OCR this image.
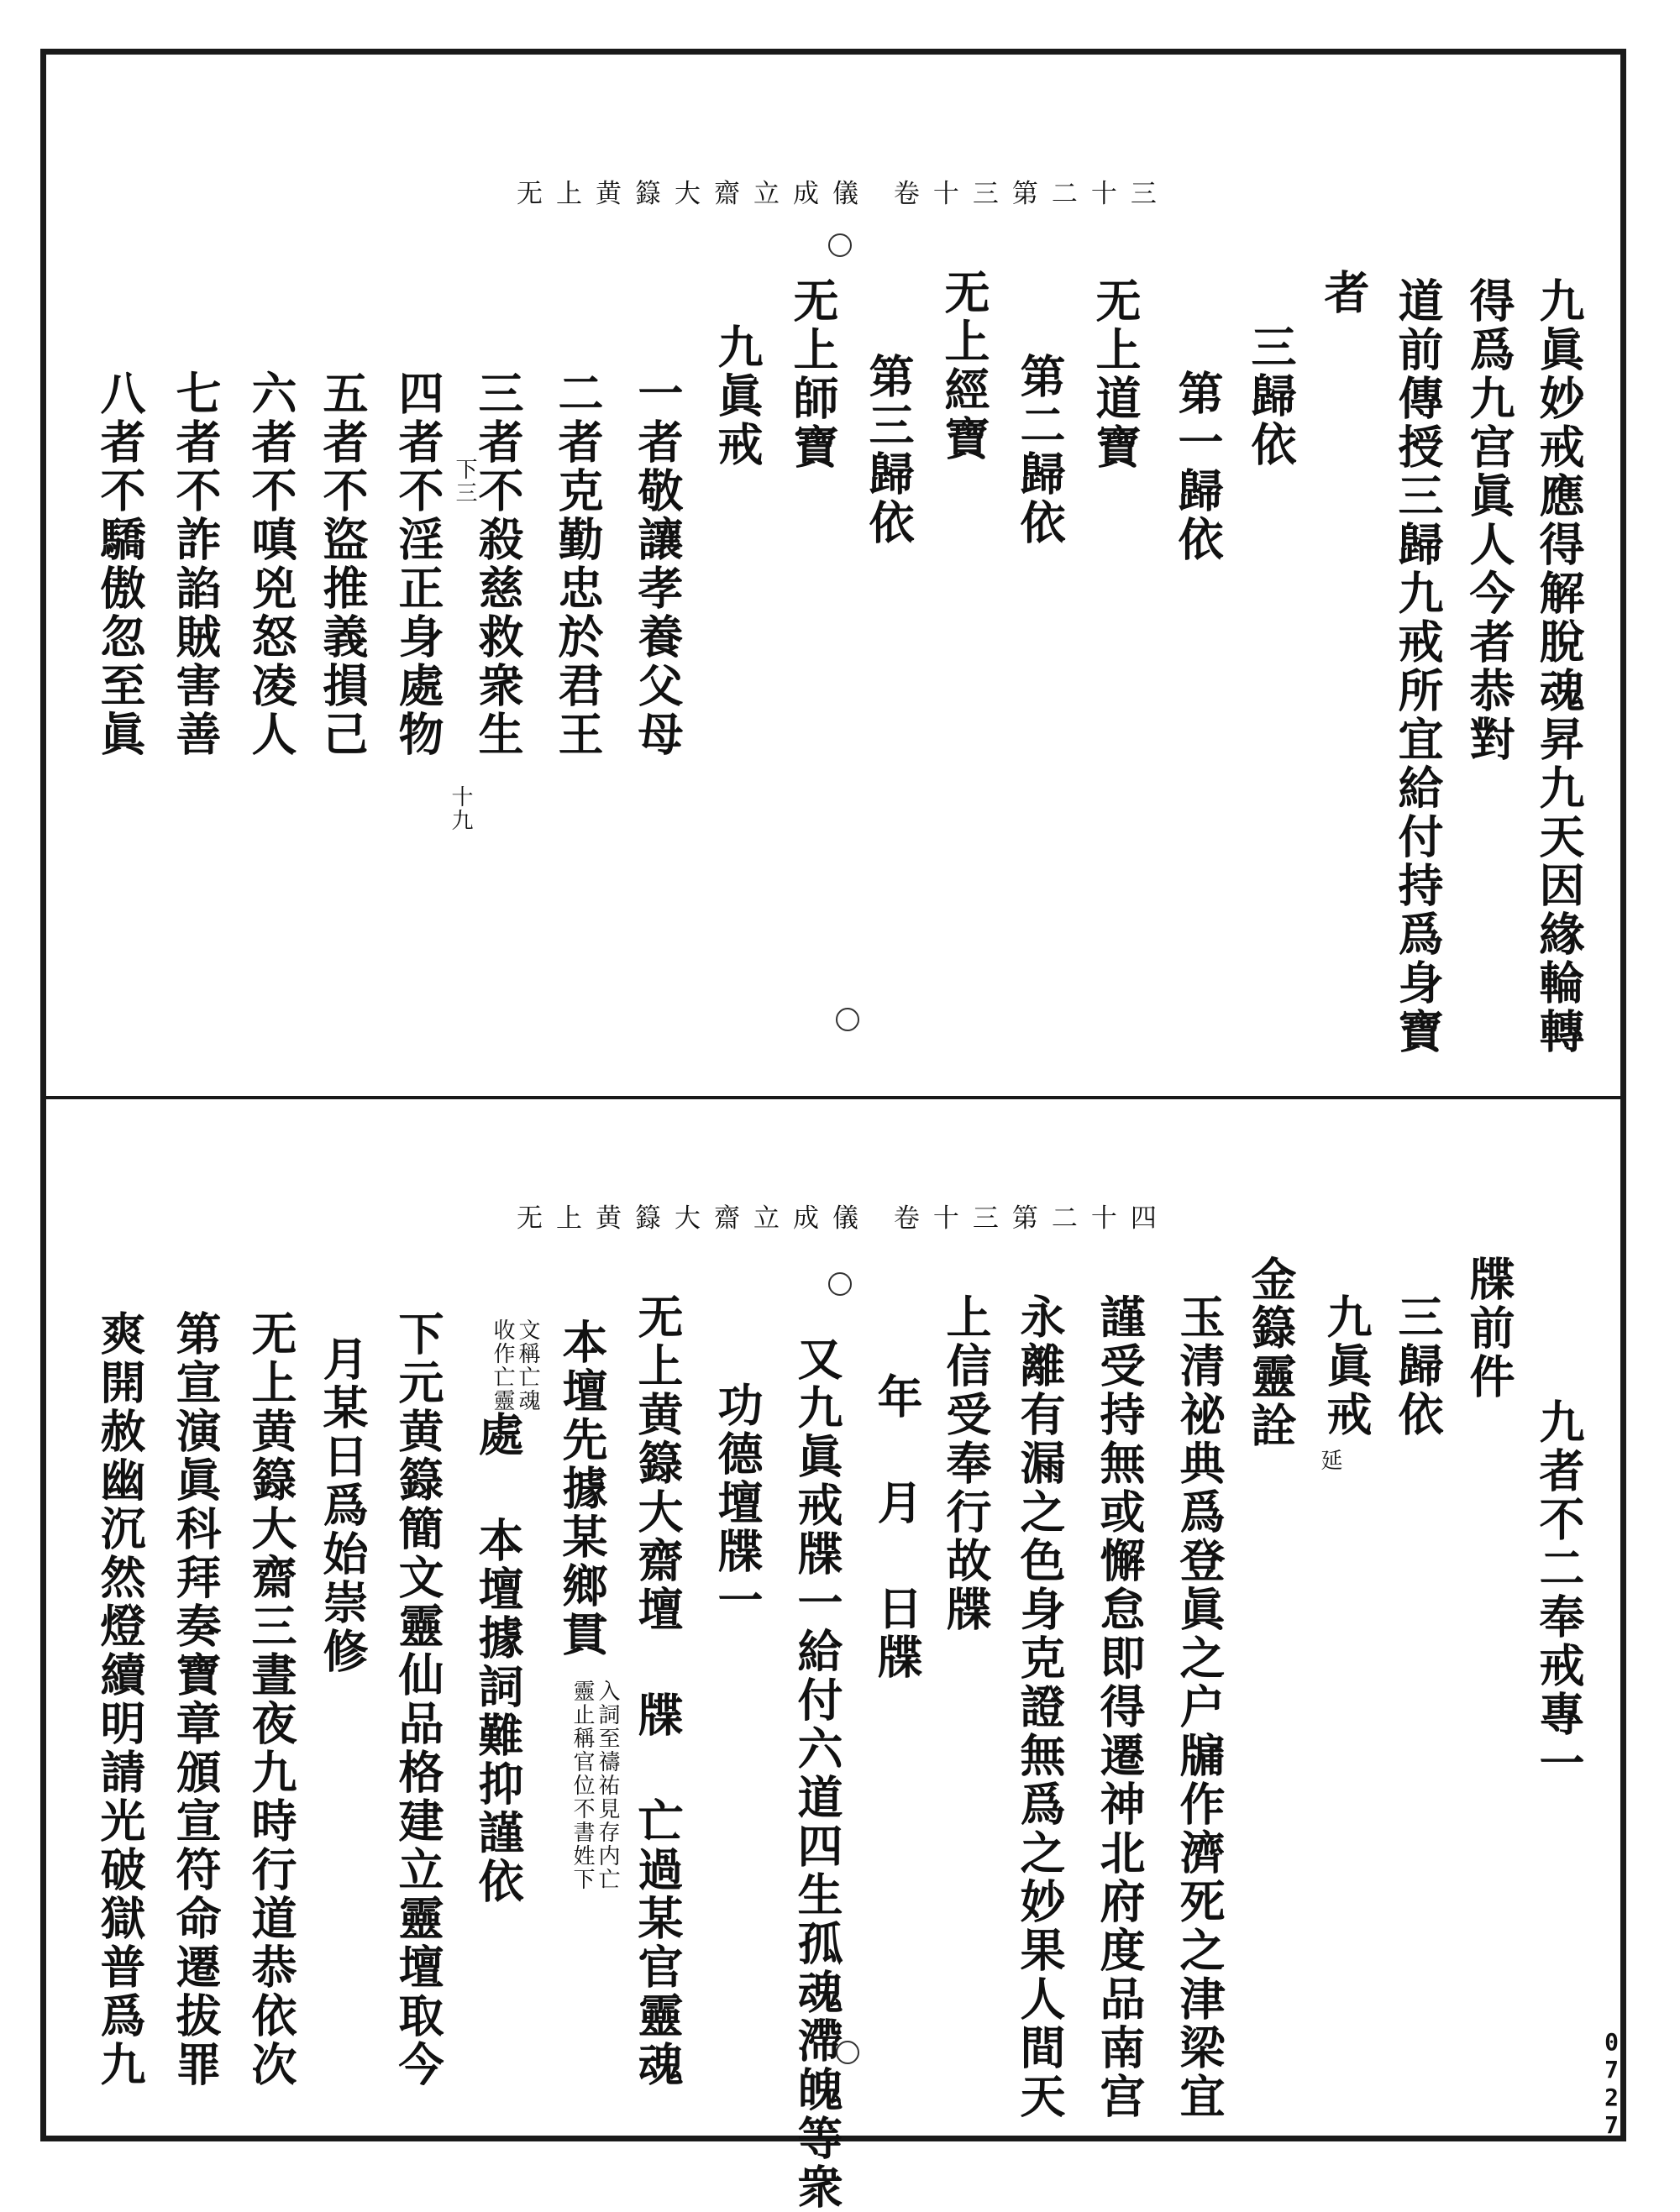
0727
无上黄籙大齋立成儀 卷十三第二十三
九眞妙戒應得解脫魂昇九天因緣輪轉
得爲九宫眞人今者恭對
道前傳授三歸九戒所宜給付持爲身寶
者
三歸依
第一歸依
无上道寶
第二歸依
无上經寶
第三歸依
无上師寶
九眞戒
一者敬讓孝養父母
二者克勤忠於君王
三者不殺慈救衆生
四者不淫正身處物 下三
十九
五者不盜推義損己
六者不嗔兇怒凌人
七者不詐諂賊害善
八者不驕傲忽至眞
无上黄籙大齋立成儀 卷十三第二十四
九者不二奉戒專一
牒前件
三歸依
九眞戒
延
金籙靈詮
玉清祕典爲登眞之户牖作濟死之津梁宜
謹受持無或懈怠即得遷神北府度品南宫
永離有漏之色身克證無爲之妙果人間天
上信受奉行故牒
年 月 日牒
又九眞戒牒一給付六道四生孤魂滯魄等衆
功德壇牒一
无上黄籙大齋壇 牒 亡過某官靈魂
本壇先據某鄉貫
入詞至禱祐見存内亡
靈止稱官位不書姓下
文稱亡魂
收作亡靈
處 本壇據詞難抑謹依
下元黄籙簡文靈仙品格建立靈壇取今
月某日爲始崇修
无上黄籙大齋三晝夜九時行道恭依次
第宣演眞科拜奏寶章頒宣符命遷拔罪
爽開赦幽沉然燈續明請光破獄普爲九
